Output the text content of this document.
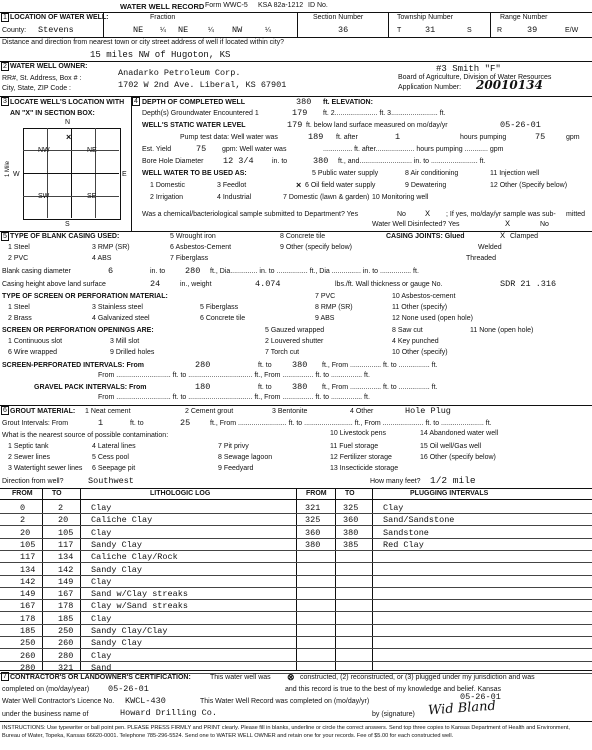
WATER WELL RECORD Form WWC-5 KSA 82a-1212 ID No.
1 LOCATION OF WATER WELL:	Fraction	Section Number	Township Number	Range Number
County: Stevens	NE ¼ NE	¼ NW	¼	36	T	31	S	R	39	E/W
Distance and direction from nearest town or city street address of well if located within city?
15 miles NW of Hugoton, KS
2 WATER WELL OWNER:
Anadarko Petroleum Corp.
RR#, St. Address, Box # :
City, State, ZIP Code :	1702 W 2nd Ave. Liberal, KS 67901
#3 Smith "F"
Board of Agriculture, Division of Water Resources
Application Number: 20010134
3 LOCATE WELL'S LOCATION WITH
AN "X" IN SECTION BOX:
4
N
S
W	E
1 Mile
NW	NE
SW	SE
×
DEPTH OF COMPLETED WELL	380 ft. ELEVATION:
Depth(s) Groundwater Encountered 1	179 ft. 2...................... ft. 3........................ ft.
WELL'S STATIC WATER LEVEL	179 ft. below land surface measured on mo/day/yr	05-26-01
Pump test data: Well water was	189 ft. after	1	hours pumping	75	gpm
Est. Yield	75 gpm: Well water was	............... ft. after.................... hours pumping ............ gpm
Bore Hole Diameter 12 3/4	in. to	380 ft., and........................... in. to ........................ ft.
WELL WATER TO BE USED AS:	5 Public water supply	8 Air conditioning	11 Injection well
1 Domestic	3 Feedlot	× 6 Oil field water supply	9 Dewatering	12 Other (Specify below)
2 Irrigation	4 Industrial	7 Domestic (lawn & garden) 10 Monitoring well
Was a chemical/bacteriological sample submitted to Department? Yes	No X ; If yes, mo/day/yr sample was sub- mitted
Water Well Disinfected? Yes	X	No
5 TYPE OF BLANK CASING USED:	5 Wrought iron	8 Concrete tile	CASING JOINTS: Glued	X Clamped
1 Steel	3 RMP (SR)	6 Asbestos-Cement	9 Other (specify below)	Welded
2 PVC	4 ABS	7 Fiberglass	Threaded
Blank casing diameter	6	in. to 280 ft., Dia.............. in. to ................ ft., Dia ............... in. to ................ ft.
Casing height above land surface	24	in., weight	4.074	lbs./ft. Wall thickness or gauge No.	SDR 21 .316
TYPE OF SCREEN OR PERFORATION MATERIAL:	7 PVC	10 Asbestos-cement
1 Steel	3 Stainless steel	5 Fiberglass	8 RMP (SR)	11 Other (specify)
2 Brass	4 Galvanized steel	6 Concrete tile	9 ABS	12 None used (open hole)
SCREEN OR PERFORATION OPENINGS ARE:	5 Gauzed wrapped	8 Saw cut	11 None (open hole)
1 Continuous slot	3 Mill slot	2 Louvered shutter	4 Key punched
6 Wire wrapped	9 Drilled holes	7 Torch cut	10 Other (specify)
SCREEN-PERFORATED INTERVALS: From	280	ft. to 380 ft., From ................ ft. to ................ ft.
From ............................ ft. to ................................. ft., From ................ ft. to ................ ft.
GRAVEL PACK INTERVALS: From	180	ft. to 380 ft., From ................ ft. to ................ ft.
From ............................ ft. to ................................. ft., From ................ ft. to ................ ft.
6 GROUT MATERIAL: 1 Neat cement	2 Cement grout	3 Bentonite	4 Other	Hole Plug
Grout Intervals: From	1	ft. to	25	ft., From ......................... ft. to ......................... ft., From ..................... ft. to ...................... ft.
What is the nearest source of possible contamination:	10 Livestock pens	14 Abandoned water well
1 Septic tank	4 Lateral lines	7 Pit privy	11 Fuel storage	15 Oil well/Gas well
2 Sewer lines	5 Cess pool	8 Sewage lagoon	12 Fertilizer storage	16 Other (specify below)
3 Watertight sewer lines 6 Seepage pit	9 Feedyard	13 Insecticide storage
Direction from well?	Southwest	How many feet? 1/2 mile
FROM	TO	LITHOLOGIC LOG	FROM	TO	PLUGGING INTERVALS
0	2	Clay	321	325	Clay
2	20	Caliche Clay	325	360	Sand/Sandstone
20	105 Clay	360	380	Sandstone
105	117 Sandy Clay	380	385	Red Clay
117	134 Caliche Clay/Rock
134	142 Sandy Clay
142	149 Clay
149	167 Sand w/Clay streaks
167	178 Clay w/Sand streaks
178	185 Clay
185	250 Sandy Clay/Clay
250	260 Sandy Clay
260	280 Clay
280	321 Sand
7 CONTRACTOR'S OR LANDOWNER'S CERTIFICATION:	This water well was ⊗ constructed, (2) reconstructed, or (3) plugged under my jurisdiction and was
completed on (mo/day/year) 05-26-01	and this record is true to the best of my knowledge and belief. Kansas
Water Well Contractor's Licence No. KWCL-430	This Water Well Record was completed on (mo/day/yr)	05-26-01
under the business name of	Howard Drilling Co.	by (signature) Wid Bland
INSTRUCTIONS: Use typewriter or ball point pen. PLEASE PRESS FIRMLY and PRINT clearly. Please fill in blanks, underline or circle the correct answers. Send top three copies to Kansas Department of Health and Environment, Bureau of Water, Topeka, Kansas 66620-0001. Telephone 785-296-5524. Send one to WATER WELL OWNER and retain one for your records. Fee of $5.00 for each constructed well.
